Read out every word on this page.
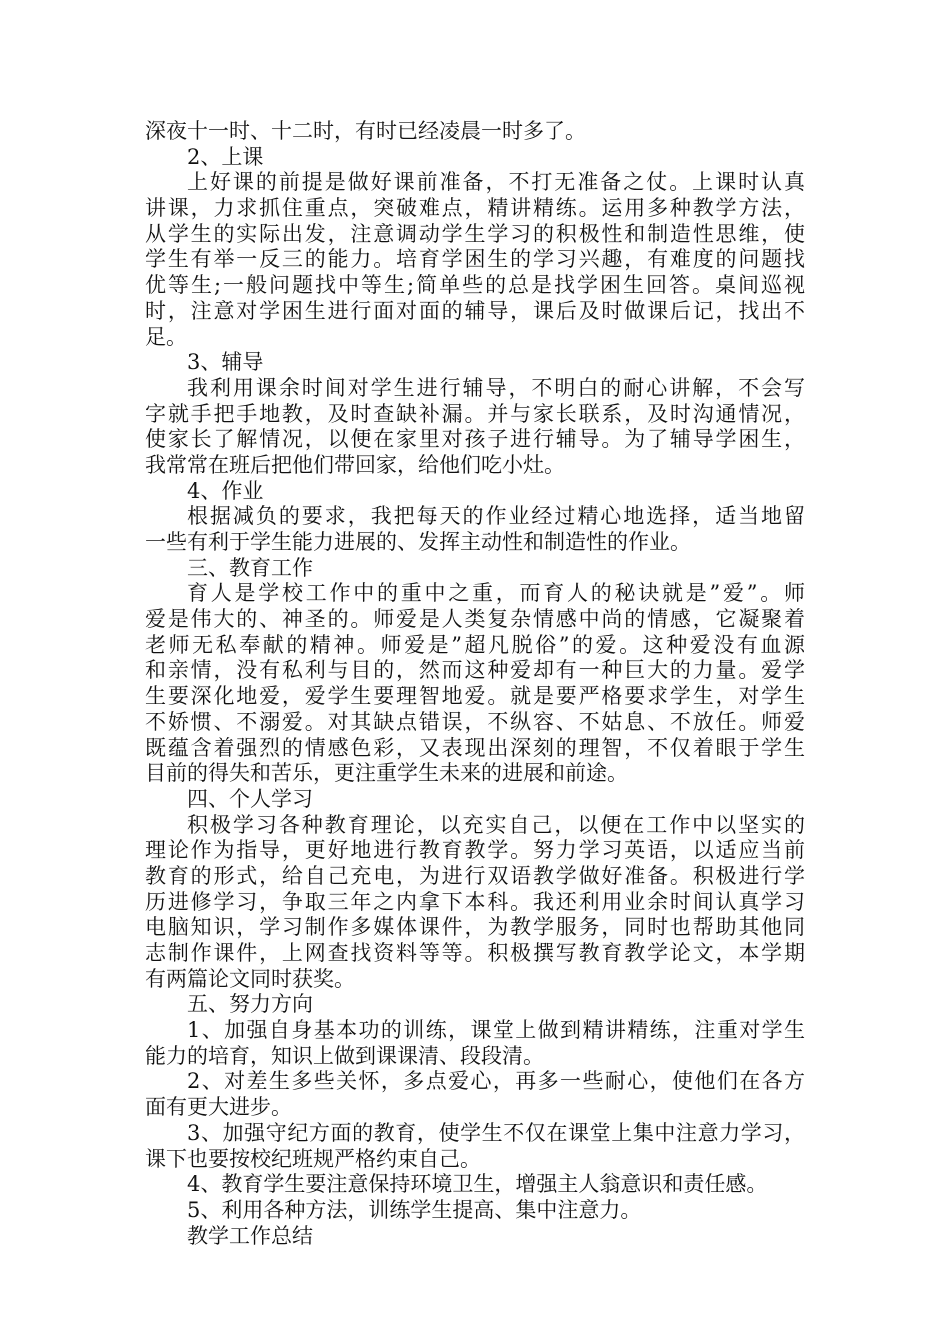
深夜十一时、十二时，有时已经凌晨一时多了。
2、上课
上好课的前提是做好课前准备，不打无准备之仗。上课时认真
讲课，力求抓住重点，突破难点，精讲精练。运用多种教学方法，
从学生的实际出发，注意调动学生学习的积极性和制造性思维，使
学生有举一反三的能力。培育学困生的学习兴趣，有难度的问题找
优等生;一般问题找中等生;简单些的总是找学困生回答。桌间巡视
时，注意对学困生进行面对面的辅导，课后及时做课后记，找出不
足。
3、辅导
我利用课余时间对学生进行辅导，不明白的耐心讲解，不会写
字就手把手地教，及时查缺补漏。并与家长联系，及时沟通情况，
使家长了解情况，以便在家里对孩子进行辅导。为了辅导学困生，
我常常在班后把他们带回家，给他们吃小灶。
4、作业
根据减负的要求，我把每天的作业经过精心地选择，适当地留
一些有利于学生能力进展的、发挥主动性和制造性的作业。
三、教育工作
育人是学校工作中的重中之重，而育人的秘诀就是”爱”。师
爱是伟大的、神圣的。师爱是人类复杂情感中尚的情感，它凝聚着
老师无私奉献的精神。师爱是”超凡脱俗”的爱。这种爱没有血源
和亲情，没有私利与目的，然而这种爱却有一种巨大的力量。爱学
生要深化地爱，爱学生要理智地爱。就是要严格要求学生，对学生
不娇惯、不溺爱。对其缺点错误，不纵容、不姑息、不放任。师爱
既蕴含着强烈的情感色彩，又表现出深刻的理智，不仅着眼于学生
目前的得失和苦乐，更注重学生未来的进展和前途。
四、个人学习
积极学习各种教育理论，以充实自己，以便在工作中以坚实的
理论作为指导，更好地进行教育教学。努力学习英语，以适应当前
教育的形式，给自己充电，为进行双语教学做好准备。积极进行学
历进修学习，争取三年之内拿下本科。我还利用业余时间认真学习
电脑知识，学习制作多媒体课件，为教学服务，同时也帮助其他同
志制作课件，上网查找资料等等。积极撰写教育教学论文，本学期
有两篇论文同时获奖。
五、努力方向
1、加强自身基本功的训练，课堂上做到精讲精练，注重对学生
能力的培育，知识上做到课课清、段段清。
2、对差生多些关怀，多点爱心，再多一些耐心，使他们在各方
面有更大进步。
3、加强守纪方面的教育，使学生不仅在课堂上集中注意力学习，
课下也要按校纪班规严格约束自己。
4、教育学生要注意保持环境卫生，增强主人翁意识和责任感。
5、利用各种方法，训练学生提高、集中注意力。
教学工作总结
